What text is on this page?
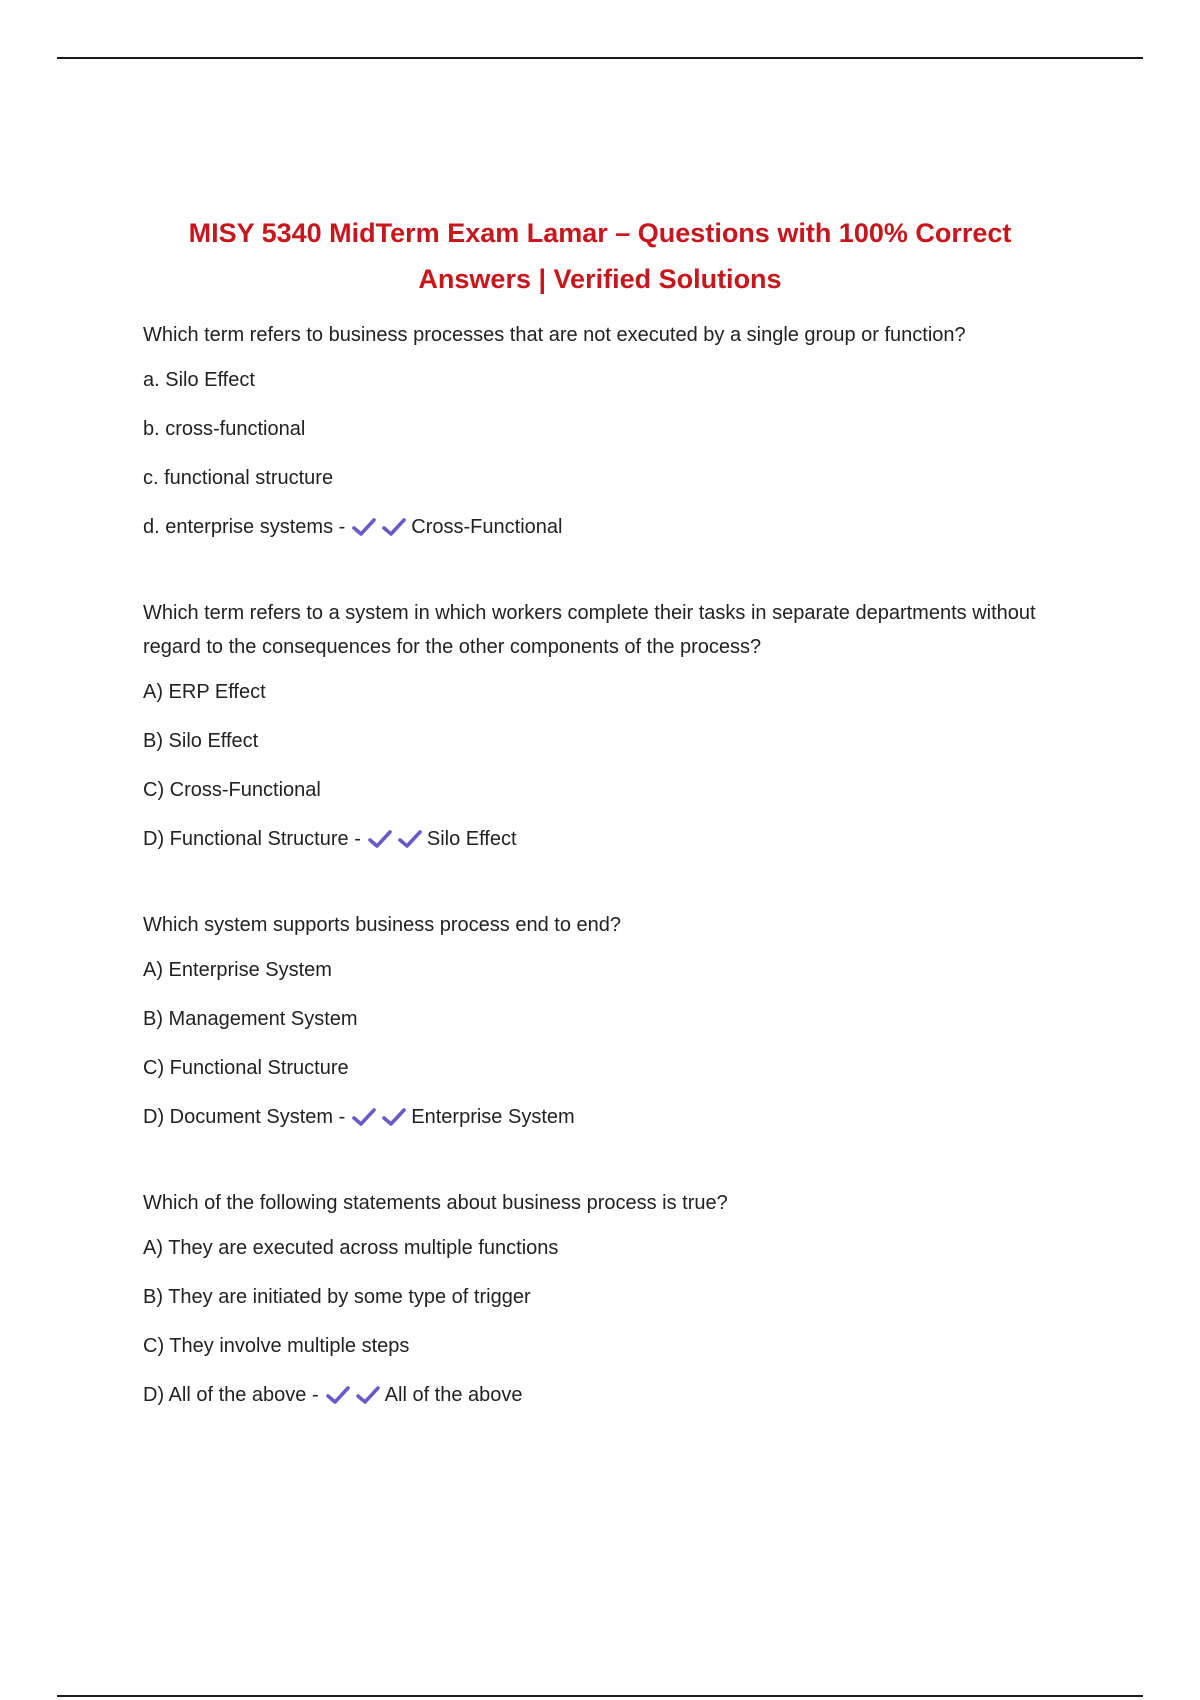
MISY 5340 MidTerm Exam Lamar – Questions with 100% Correct Answers | Verified Solutions

Which term refers to business processes that are not executed by a single group or function?

a. Silo Effect
b. cross-functional
c. functional structure
d. enterprise systems -	Cross-Functional

Which term refers to a system in which workers complete their tasks in separate departments without regard to the consequences for the other components of the process?

A) ERP Effect
B) Silo Effect
C) Cross-Functional
D) Functional Structure -	Silo Effect

Which system supports business process end to end?

A) Enterprise System
B) Management System
C) Functional Structure
D) Document System -	Enterprise System

Which of the following statements about business process is true?

A) They are executed across multiple functions
B) They are initiated by some type of trigger
C) They involve multiple steps
D) All of the above -	All of the above
